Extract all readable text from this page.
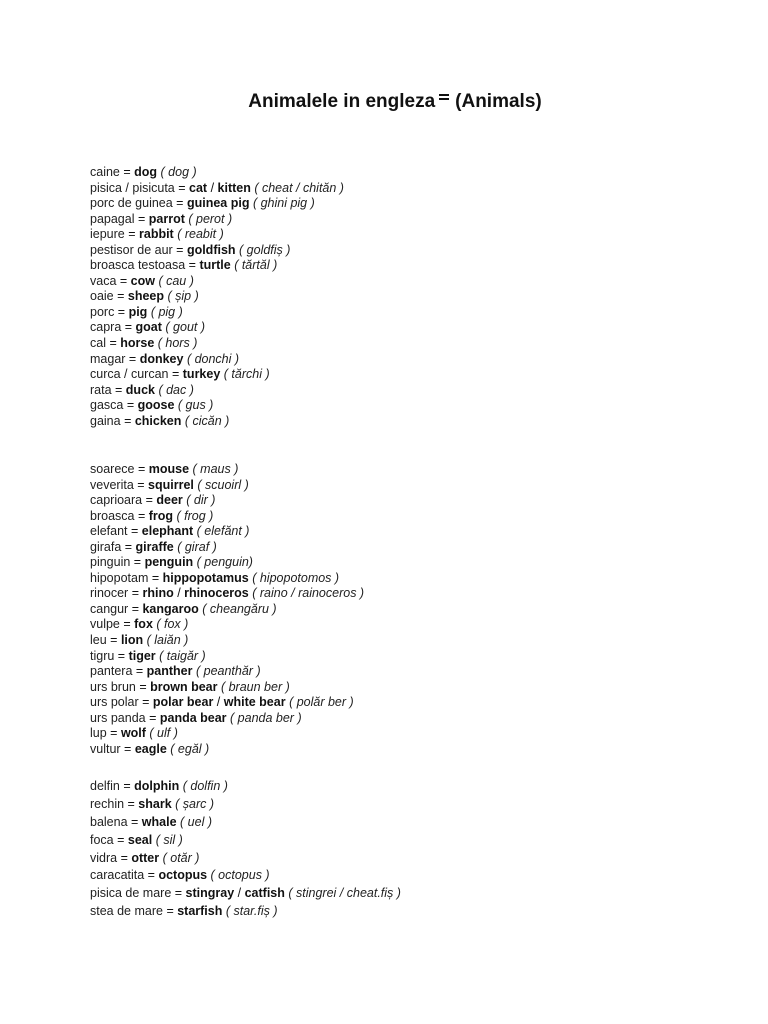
Animalele in engleza (Animals)
caine = dog ( dog )
pisica / pisicuta = cat / kitten ( cheat / chităn )
porc de guinea = guinea pig ( ghini pig )
papagal = parrot ( perot )
iepure = rabbit ( reabit )
pestisor de aur = goldfish ( goldfiș )
broasca testoasa = turtle ( tărtăl )
vaca = cow ( cau )
oaie = sheep ( șip )
porc = pig ( pig )
capra = goat ( gout )
cal = horse ( hors )
magar = donkey ( donchi )
curca / curcan = turkey ( tărchi )
rata = duck ( dac )
gasca = goose ( gus )
gaina = chicken ( cicăn )
soarece = mouse ( maus )
veverita = squirrel ( scuoirl )
caprioara = deer ( dir )
broasca = frog ( frog )
elefant = elephant ( elefănt )
girafa = giraffe ( giraf )
pinguin = penguin ( penguin)
hipopotam = hippopotamus ( hipopotomos )
rinocer = rhino / rhinoceros ( raino / rainoceros )
cangur = kangaroo ( cheangăru )
vulpe = fox ( fox )
leu = lion ( laiăn )
tigru = tiger ( taigăr )
pantera = panther ( peanthăr )
urs brun = brown bear ( braun ber )
urs polar = polar bear / white bear ( polăr ber )
urs panda = panda bear ( panda ber )
lup = wolf ( ulf )
vultur = eagle ( egăl )
delfin = dolphin ( dolfin )
rechin = shark ( șarc )
balena = whale ( uel )
foca = seal ( sil )
vidra = otter ( otăr )
caracatita = octopus ( octopus )
pisica de mare = stingray / catfish ( stingrei / cheat.fiș )
stea de mare = starfish ( star.fiș )
